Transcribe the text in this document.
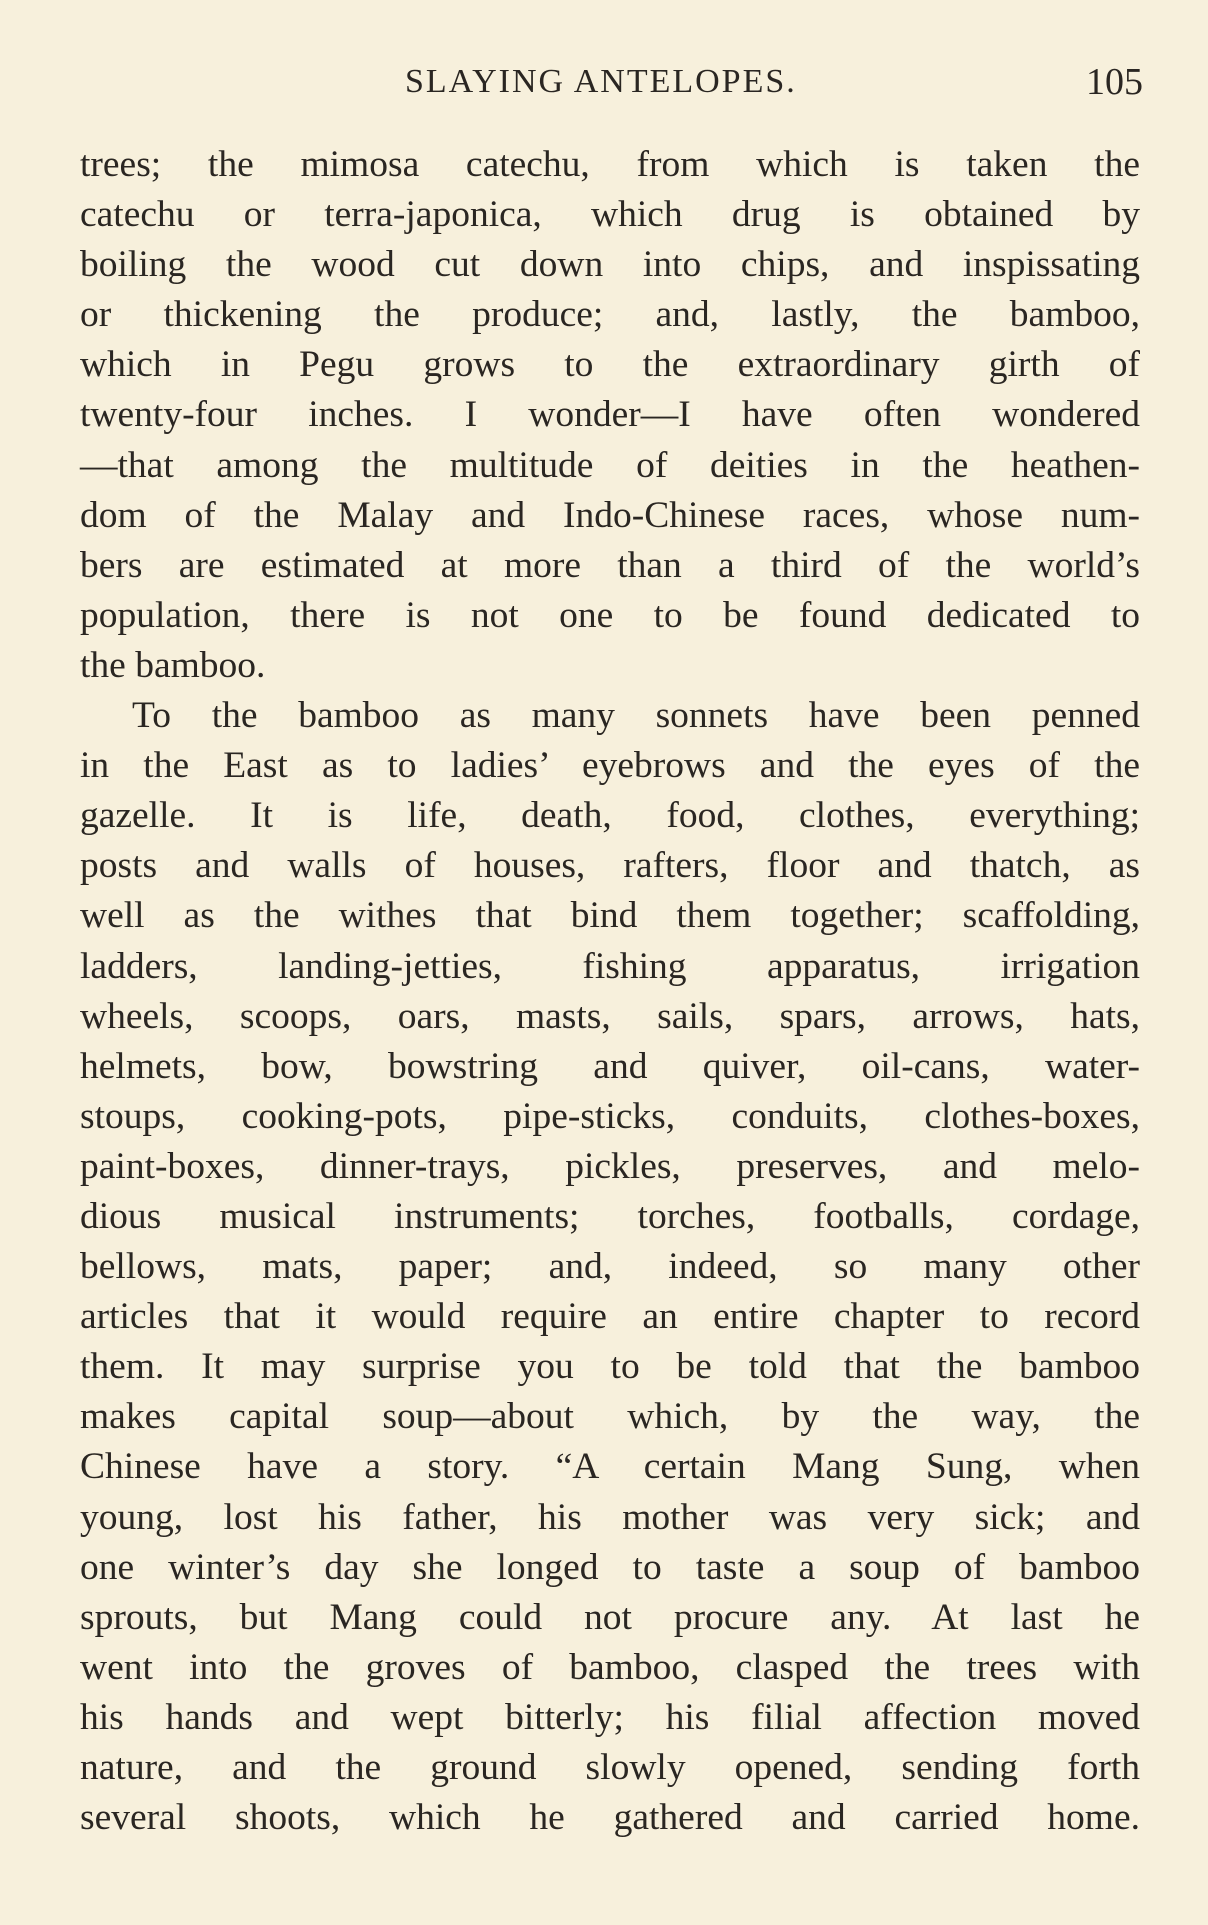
SLAYING ANTELOPES.	105
trees; the mimosa catechu, from which is taken the
catechu or terra-japonica, which drug is obtained by
boiling the wood cut down into chips, and inspissating
or thickening the produce; and, lastly, the bamboo,
which in Pegu grows to the extraordinary girth of
twenty-four inches. I wonder—I have often wondered
—that among the multitude of deities in the heathen-
dom of the Malay and Indo-Chinese races, whose num-
bers are estimated at more than a third of the world’s
population, there is not one to be found dedicated to
the bamboo.
To the bamboo as many sonnets have been penned
in the East as to ladies’ eyebrows and the eyes of the
gazelle. It is life, death, food, clothes, everything;
posts and walls of houses, rafters, floor and thatch, as
well as the withes that bind them together; scaffolding,
ladders, landing-jetties, fishing apparatus, irrigation
wheels, scoops, oars, masts, sails, spars, arrows, hats,
helmets, bow, bowstring and quiver, oil-cans, water-
stoups, cooking-pots, pipe-sticks, conduits, clothes-boxes,
paint-boxes, dinner-trays, pickles, preserves, and melo-
dious musical instruments; torches, footballs, cordage,
bellows, mats, paper; and, indeed, so many other
articles that it would require an entire chapter to record
them. It may surprise you to be told that the bamboo
makes capital soup—about which, by the way, the
Chinese have a story. “A certain Mang Sung, when
young, lost his father, his mother was very sick; and
one winter’s day she longed to taste a soup of bamboo
sprouts, but Mang could not procure any. At last he
went into the groves of bamboo, clasped the trees with
his hands and wept bitterly; his filial affection moved
nature, and the ground slowly opened, sending forth
several shoots, which he gathered and carried home.
